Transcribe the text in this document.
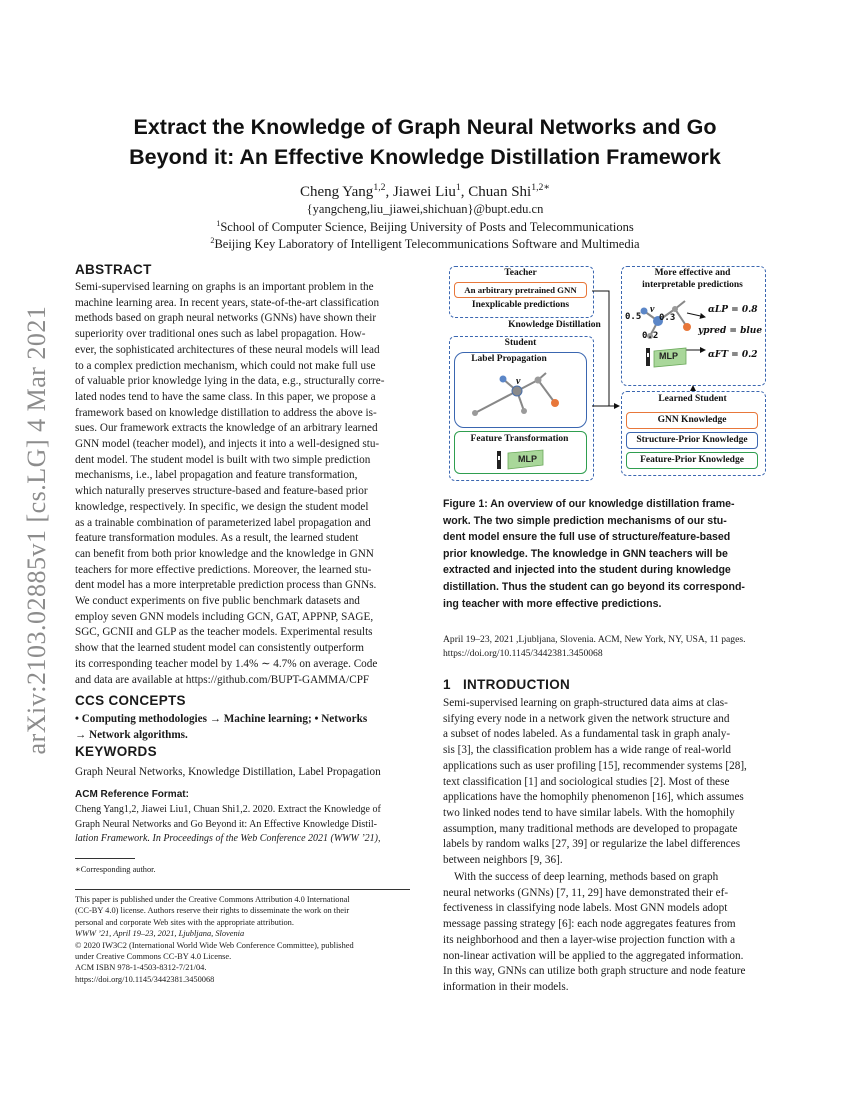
arXiv:2103.02885v1 [cs.LG] 4 Mar 2021
Extract the Knowledge of Graph Neural Networks and Go
Beyond it: An Effective Knowledge Distillation Framework
Cheng Yang$^{1,2}$, Jiawei Liu$^1$, Chuan Shi$^{1,2∗}$
{yangcheng,liu_jiawei,shichuan}@bupt.edu.cn
$^1$School of Computer Science, Beijing University of Posts and Telecommunications
$^2$Beijing Key Laboratory of Intelligent Telecommunications Software and Multimedia
ABSTRACT
Semi-supervised learning on graphs is an important problem in the
machine learning area. In recent years, state-of-the-art classification
methods based on graph neural networks (GNNs) have shown their
superiority over traditional ones such as label propagation. How-
ever, the sophisticated architectures of these neural models will lead
to a complex prediction mechanism, which could not make full use
of valuable prior knowledge lying in the data, e.g., structurally corre-
lated nodes tend to have the same class. In this paper, we propose a
framework based on knowledge distillation to address the above is-
sues. Our framework extracts the knowledge of an arbitrary learned
GNN model (teacher model), and injects it into a well-designed stu-
dent model. The student model is built with two simple prediction
mechanisms, i.e., label propagation and feature transformation,
which naturally preserves structure-based and feature-based prior
knowledge, respectively. In specific, we design the student model
as a trainable combination of parameterized label propagation and
feature transformation modules. As a result, the learned student
can benefit from both prior knowledge and the knowledge in GNN
teachers for more effective predictions. Moreover, the learned stu-
dent model has a more interpretable prediction process than GNNs.
We conduct experiments on five public benchmark datasets and
employ seven GNN models including GCN, GAT, APPNP, SAGE,
SGC, GCNII and GLP as the teacher models. Experimental results
show that the learned student model can consistently outperform
its corresponding teacher model by 1.4% ∼ 4.7% on average. Code
and data are available at https://github.com/BUPT-GAMMA/CPF
CCS CONCEPTS
• Computing methodologies → Machine learning; • Networks
→ Network algorithms.
KEYWORDS
Graph Neural Networks, Knowledge Distillation, Label Propagation
ACM Reference Format:
Cheng Yang1,2, Jiawei Liu1, Chuan Shi1,2. 2020. Extract the Knowledge of
Graph Neural Networks and Go Beyond it: An Effective Knowledge Distil-
lation Framework. In Proceedings of the Web Conference 2021 (WWW ’21),
∗Corresponding author.
This paper is published under the Creative Commons Attribution 4.0 International
(CC-BY 4.0) license. Authors reserve their rights to disseminate the work on their
personal and corporate Web sites with the appropriate attribution.
WWW ’21, April 19–23, 2021, Ljubljana, Slovenia
© 2020 IW3C2 (International World Wide Web Conference Committee), published
under Creative Commons CC-BY 4.0 License.
ACM ISBN 978-1-4503-8312-7/21/04.
https://doi.org/10.1145/3442381.3450068
Teacher
An arbitrary pretrained GNN
Inexplicable predictions
Knowledge Distillation
Student
Label Propagation
Feature Transformation
More effective and
interpretable predictions
Learned Student
GNN Knowledge
Structure-Prior Knowledge
Feature-Prior Knowledge
v
v
0.5 0.3
0.2
αLP = 0.8
ypred = blue
αFT = 0.2
MLP
MLP
Figure 1: An overview of our knowledge distillation frame-
work. The two simple prediction mechanisms of our stu-
dent model ensure the full use of structure/feature-based
prior knowledge. The knowledge in GNN teachers will be
extracted and injected into the student during knowledge
distillation. Thus the student can go beyond its correspond-
ing teacher with more effective predictions.
April 19–23, 2021 ,Ljubljana, Slovenia. ACM, New York, NY, USA, 11 pages.
https://doi.org/10.1145/3442381.3450068
1 INTRODUCTION
Semi-supervised learning on graph-structured data aims at clas-
sifying every node in a network given the network structure and
a subset of nodes labeled. As a fundamental task in graph analy-
sis [3], the classification problem has a wide range of real-world
applications such as user profiling [15], recommender systems [28],
text classification [1] and sociological studies [2]. Most of these
applications have the homophily phenomenon [16], which assumes
two linked nodes tend to have similar labels. With the homophily
assumption, many traditional methods are developed to propagate
labels by random walks [27, 39] or regularize the label differences
between neighbors [9, 36].
With the success of deep learning, methods based on graph
neural networks (GNNs) [7, 11, 29] have demonstrated their ef-
fectiveness in classifying node labels. Most GNN models adopt
message passing strategy [6]: each node aggregates features from
its neighborhood and then a layer-wise projection function with a
non-linear activation will be applied to the aggregated information.
In this way, GNNs can utilize both graph structure and node feature
information in their models.
